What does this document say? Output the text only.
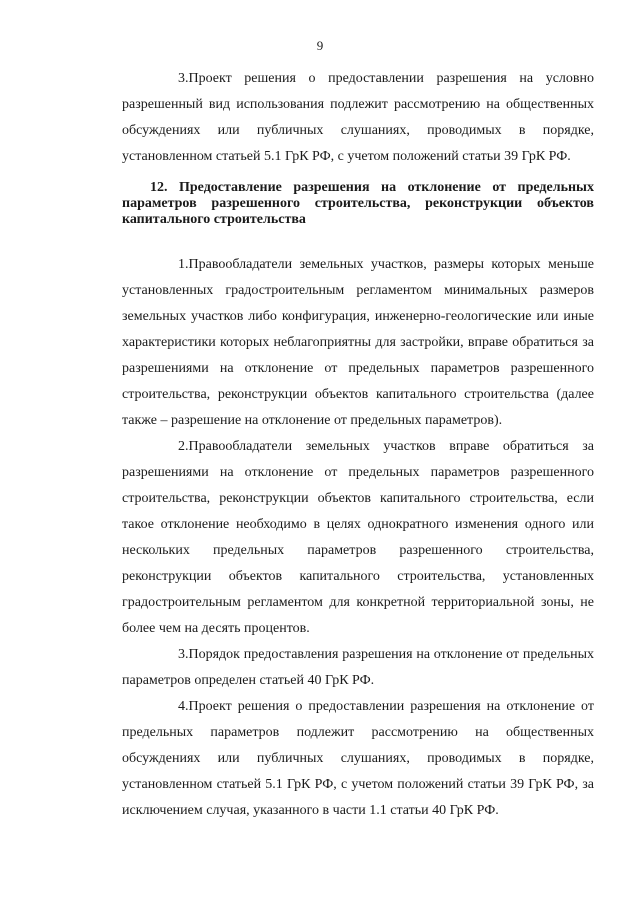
9

3.Проект решения о предоставлении разрешения на условно разрешенный вид использования подлежит рассмотрению на общественных обсуждениях или публичных слушаниях, проводимых в порядке, установленном статьей 5.1 ГрК РФ, с учетом положений статьи 39 ГрК РФ.

12. Предоставление разрешения на отклонение от предельных параметров разрешенного строительства, реконструкции объектов капитального строительства

1.Правообладатели земельных участков, размеры которых меньше установленных градостроительным регламентом минимальных размеров земельных участков либо конфигурация, инженерно-геологические или иные характеристики которых неблагоприятны для застройки, вправе обратиться за разрешениями на отклонение от предельных параметров разрешенного строительства, реконструкции объектов капитального строительства (далее также – разрешение на отклонение от предельных параметров).

2.Правообладатели земельных участков вправе обратиться за разрешениями на отклонение от предельных параметров разрешенного строительства, реконструкции объектов капитального строительства, если такое отклонение необходимо в целях однократного изменения одного или нескольких предельных параметров разрешенного строительства, реконструкции объектов капитального строительства, установленных градостроительным регламентом для конкретной территориальной зоны, не более чем на десять процентов.

3.Порядок предоставления разрешения на отклонение от предельных параметров определен статьей 40 ГрК РФ.

4.Проект решения о предоставлении разрешения на отклонение от предельных параметров подлежит рассмотрению на общественных обсуждениях или публичных слушаниях, проводимых в порядке, установленном статьей 5.1 ГрК РФ, с учетом положений статьи 39 ГрК РФ, за исключением случая, указанного в части 1.1 статьи 40 ГрК РФ.
